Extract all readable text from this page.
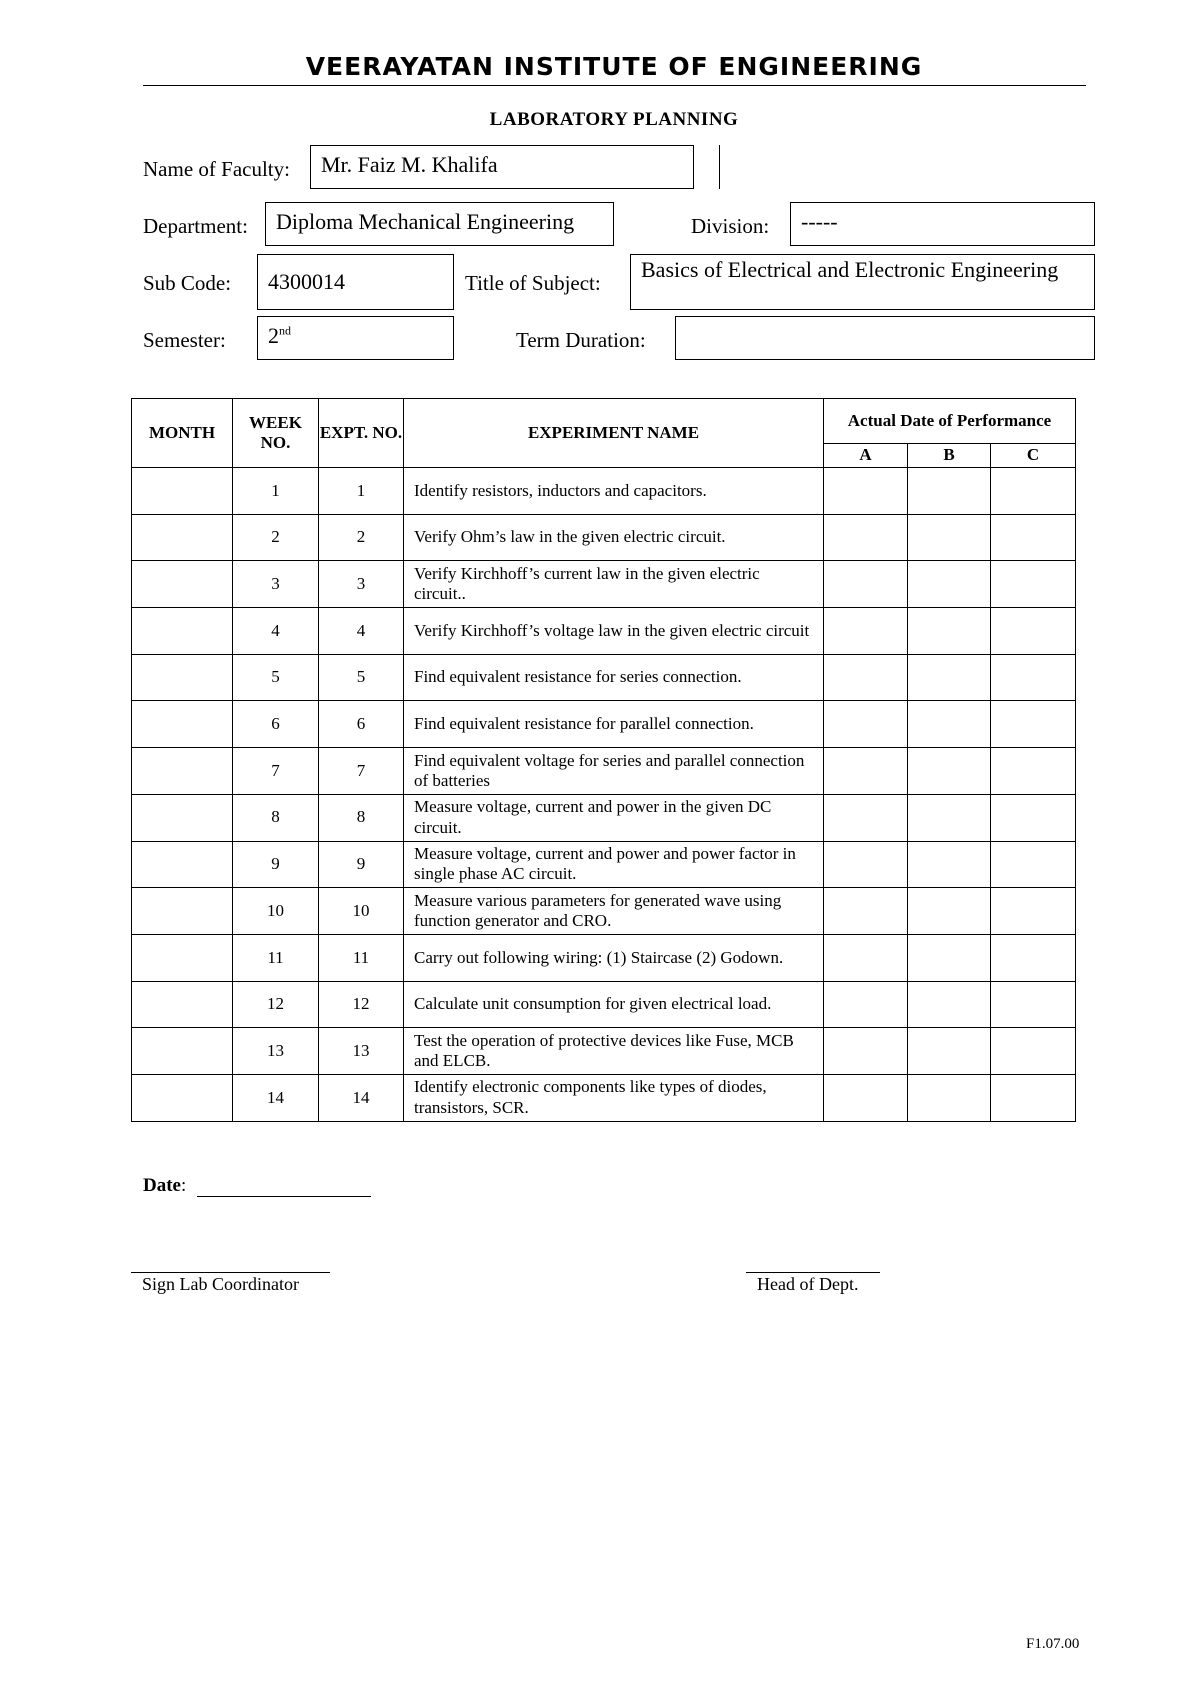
VEERAYATAN INSTITUTE OF ENGINEERING
LABORATORY PLANNING
Name of Faculty:	Mr. Faiz M. Khalifa
Department:	Diploma Mechanical Engineering	Division:	-----
Sub Code:	4300014	Title of Subject:
Basics of Electrical and Electronic Engineering
Semester:	2nd	Term Duration:
MONTH	WEEK NO.	EXPT. NO.	EXPERIMENT NAME	Actual Date of Performance		
				A	B	C
	1	1	Identify resistors, inductors and capacitors.			
	2	2	Verify Ohm’s law in the given electric circuit.			
	3	3	Verify Kirchhoff’s current law in the given electric circuit..			
	4	4	Verify Kirchhoff’s voltage law in the given electric circuit			
	5	5	Find equivalent resistance for series connection.			
	6	6	Find equivalent resistance for parallel connection.			
	7	7	Find equivalent voltage for series and parallel connection of batteries			
	8	8	Measure voltage, current and power in the given DC circuit.			
	9	9	Measure voltage, current and power and power factor in single phase AC circuit.			
	10	10	Measure various parameters for generated wave using function generator and CRO.			
	11	11	Carry out following wiring: (1) Staircase (2) Godown.			
	12	12	Calculate unit consumption for given electrical load.			
	13	13	Test the operation of protective devices like Fuse, MCB and ELCB.			
	14	14	Identify electronic components like types of diodes, transistors, SCR.			
Date:
Sign Lab Coordinator	Head of Dept.
F1.07.00
